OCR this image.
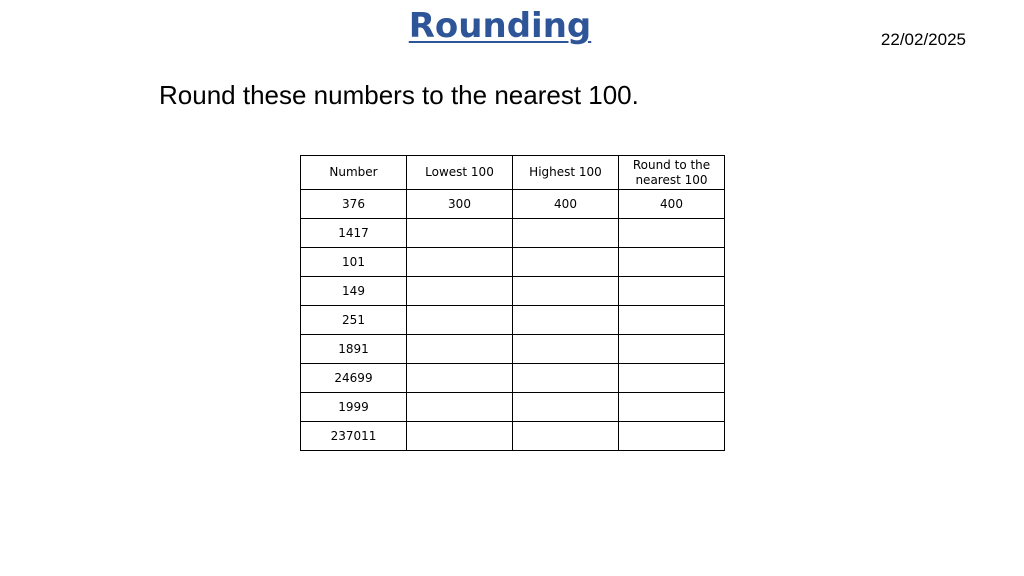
Rounding	22/02/2025
Round these numbers to the nearest 100.
Number	Lowest 100	Highest 100	Round to the nearest 100
376	300	400	400
1417			
101			
149			
251			
1891			
24699			
1999			
237011			
